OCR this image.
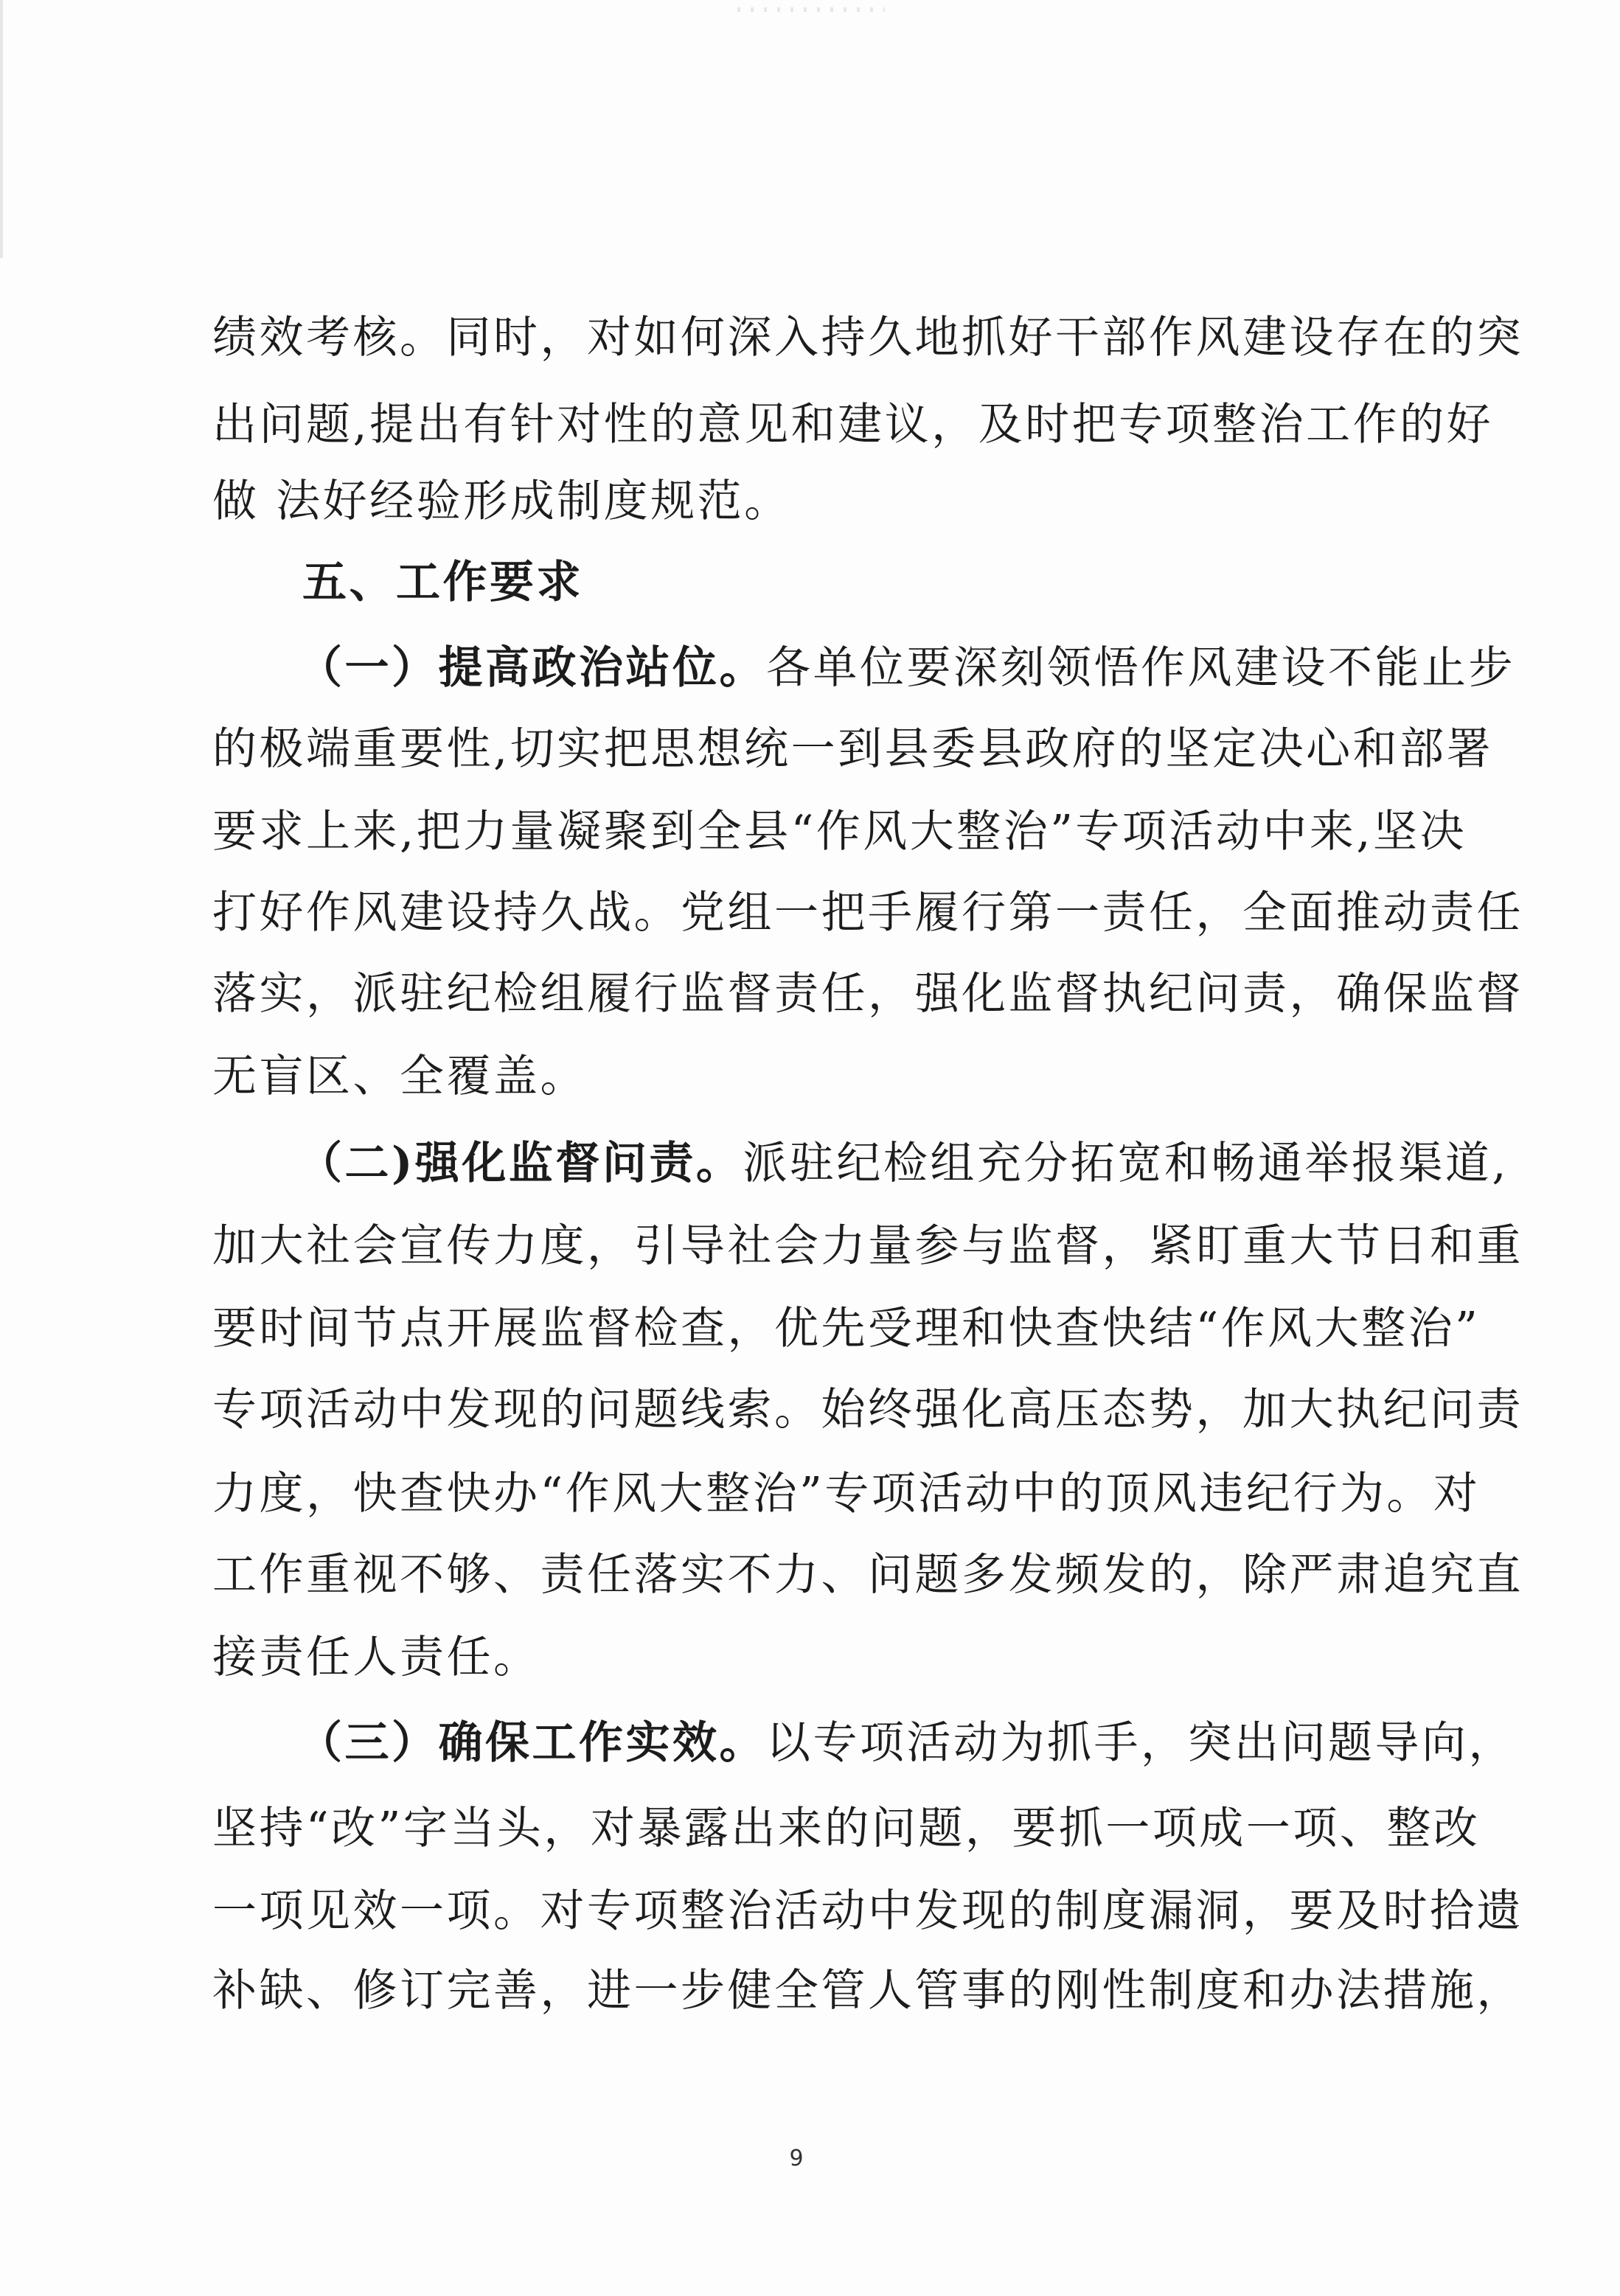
绩效考核。同时，对如何深入持久地抓好干部作风建设存在的突
出问题,提出有针对性的意见和建议，及时把专项整治工作的好
做 法好经验形成制度规范。
五、工作要求
（一）提高政治站位。各单位要深刻领悟作风建设不能止步
的极端重要性,切实把思想统一到县委县政府的坚定决心和部署
要求上来,把力量凝聚到全县“作风大整治”专项活动中来,坚决
打好作风建设持久战。党组一把手履行第一责任，全面推动责任
落实，派驻纪检组履行监督责任，强化监督执纪问责，确保监督
无盲区、全覆盖。
（二)强化监督问责。派驻纪检组充分拓宽和畅通举报渠道,
加大社会宣传力度，引导社会力量参与监督，紧盯重大节日和重
要时间节点开展监督检查，优先受理和快查快结“作风大整治”
专项活动中发现的问题线索。始终强化高压态势，加大执纪问责
力度，快查快办“作风大整治”专项活动中的顶风违纪行为。对
工作重视不够、责任落实不力、问题多发频发的，除严肃追究直
接责任人责任。
（三）确保工作实效。以专项活动为抓手，突出问题导向，
坚持“改”字当头，对暴露出来的问题，要抓一项成一项、整改
一项见效一项。对专项整治活动中发现的制度漏洞，要及时拾遗
补缺、修订完善，进一步健全管人管事的刚性制度和办法措施，
9
